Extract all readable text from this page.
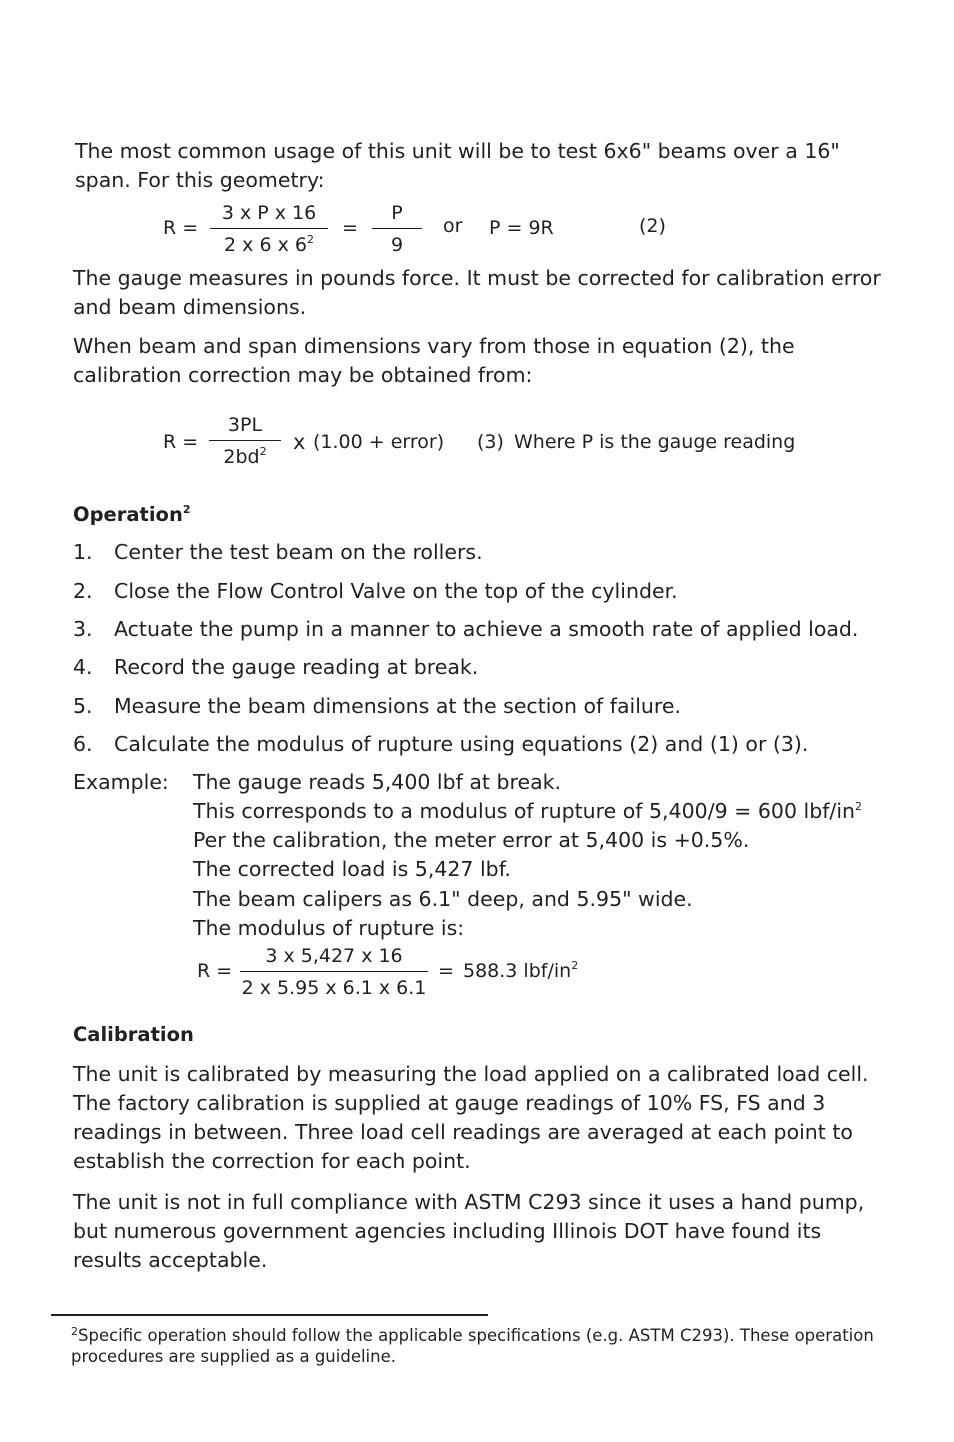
The most common usage of this unit will be to test 6x6" beams over a 16" span. For this geometry:
R =
3 x P x 16
2 x 6 x $6^2$
=
P
9
or P = 9R	(2)
The gauge measures in pounds force. It must be corrected for calibration error and beam dimensions.
When beam and span dimensions vary from those in equation (2), the calibration correction may be obtained from:
R =
3PL
$2bd^2$	x (1.00 + error) (3) Where P is the gauge reading
Operation$^2$
1. Center the test beam on the rollers.
2. Close the Flow Control Valve on the top of the cylinder.
3. Actuate the pump in a manner to achieve a smooth rate of applied load.
4. Record the gauge reading at break.
5. Measure the beam dimensions at the section of failure.
6. Calculate the modulus of rupture using equations (2) and (1) or (3).
Example: The gauge reads 5,400 lbf at break.
This corresponds to a modulus of rupture of 5,400/9 = 600 lbf/$in^2$
Per the calibration, the meter error at 5,400 is +0.5%.
The corrected load is 5,427 lbf.
The beam calipers as 6.1" deep, and 5.95" wide.
The modulus of rupture is:
R =
3 x 5,427 x 16
2 x 5.95 x 6.1 x 6.1
= 588.3 lbf/$in^2$
Calibration
The unit is calibrated by measuring the load applied on a calibrated load cell. The factory calibration is supplied at gauge readings of 10% FS, FS and 3 readings in between. Three load cell readings are averaged at each point to establish the correction for each point.
The unit is not in full compliance with ASTM C293 since it uses a hand pump, but numerous government agencies including Illinois DOT have found its results acceptable.
$^2$Specific operation should follow the applicable specifications (e.g. ASTM C293). These operation procedures are supplied as a guideline.
